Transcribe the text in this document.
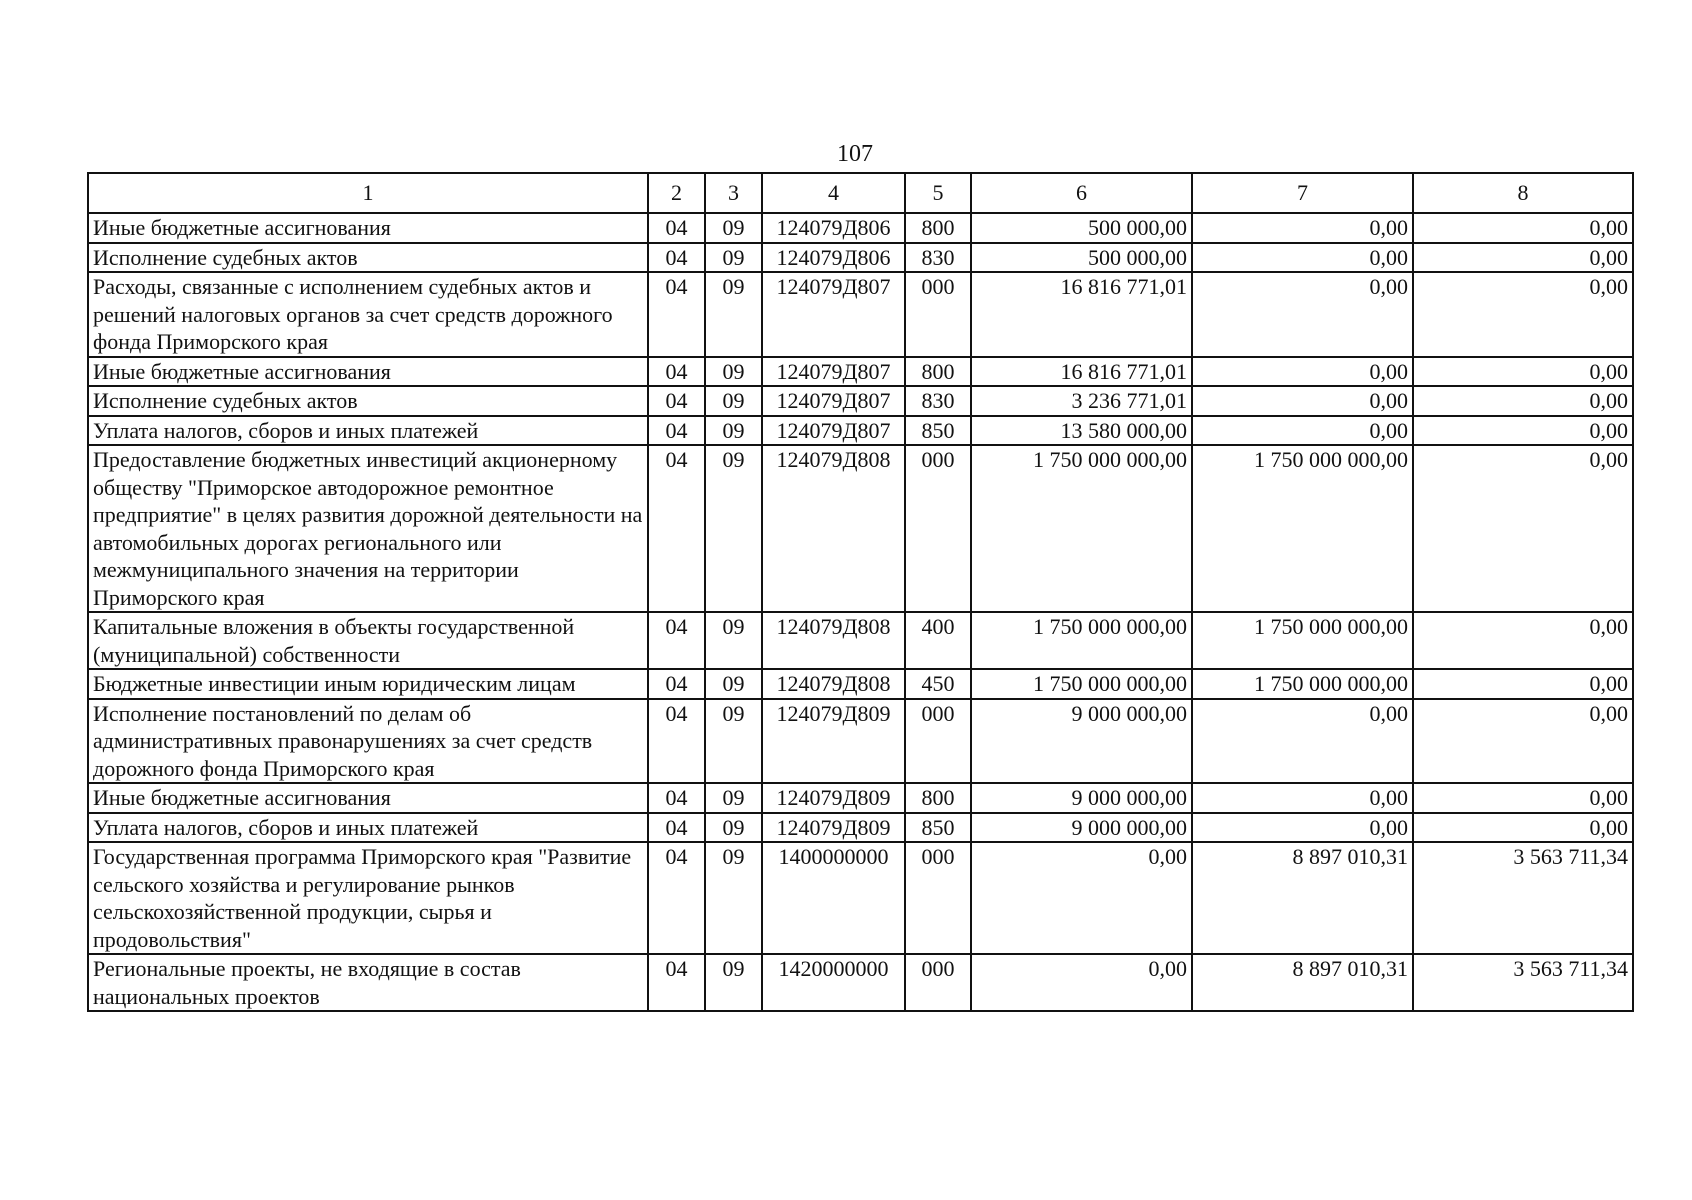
107
1	2	3	4	5	6	7	8
Иные бюджетные ассигнования	04	09	124079Д806	800	500 000,00	0,00	0,00
Исполнение судебных актов	04	09	124079Д806	830	500 000,00	0,00	0,00
Расходы, связанные с исполнением судебных актов и решений налоговых органов за счет средств дорожного фонда Приморского края	04	09	124079Д807	000	16 816 771,01	0,00	0,00
Иные бюджетные ассигнования	04	09	124079Д807	800	16 816 771,01	0,00	0,00
Исполнение судебных актов	04	09	124079Д807	830	3 236 771,01	0,00	0,00
Уплата налогов, сборов и иных платежей	04	09	124079Д807	850	13 580 000,00	0,00	0,00
Предоставление бюджетных инвестиций акционерному обществу "Приморское автодорожное ремонтное предприятие" в целях развития дорожной деятельности на автомобильных дорогах регионального или межмуниципального значения на территории Приморского края	04	09	124079Д808	000	1 750 000 000,00	1 750 000 000,00	0,00
Капитальные вложения в объекты государственной (муниципальной) собственности	04	09	124079Д808	400	1 750 000 000,00	1 750 000 000,00	0,00
Бюджетные инвестиции иным юридическим лицам	04	09	124079Д808	450	1 750 000 000,00	1 750 000 000,00	0,00
Исполнение постановлений по делам об административных правонарушениях за счет средств дорожного фонда Приморского края	04	09	124079Д809	000	9 000 000,00	0,00	0,00
Иные бюджетные ассигнования	04	09	124079Д809	800	9 000 000,00	0,00	0,00
Уплата налогов, сборов и иных платежей	04	09	124079Д809	850	9 000 000,00	0,00	0,00
Государственная программа Приморского края "Развитие сельского хозяйства и регулирование рынков сельскохозяйственной продукции, сырья и продовольствия"	04	09	1400000000	000	0,00	8 897 010,31	3 563 711,34
Региональные проекты, не входящие в состав национальных проектов	04	09	1420000000	000	0,00	8 897 010,31	3 563 711,34
